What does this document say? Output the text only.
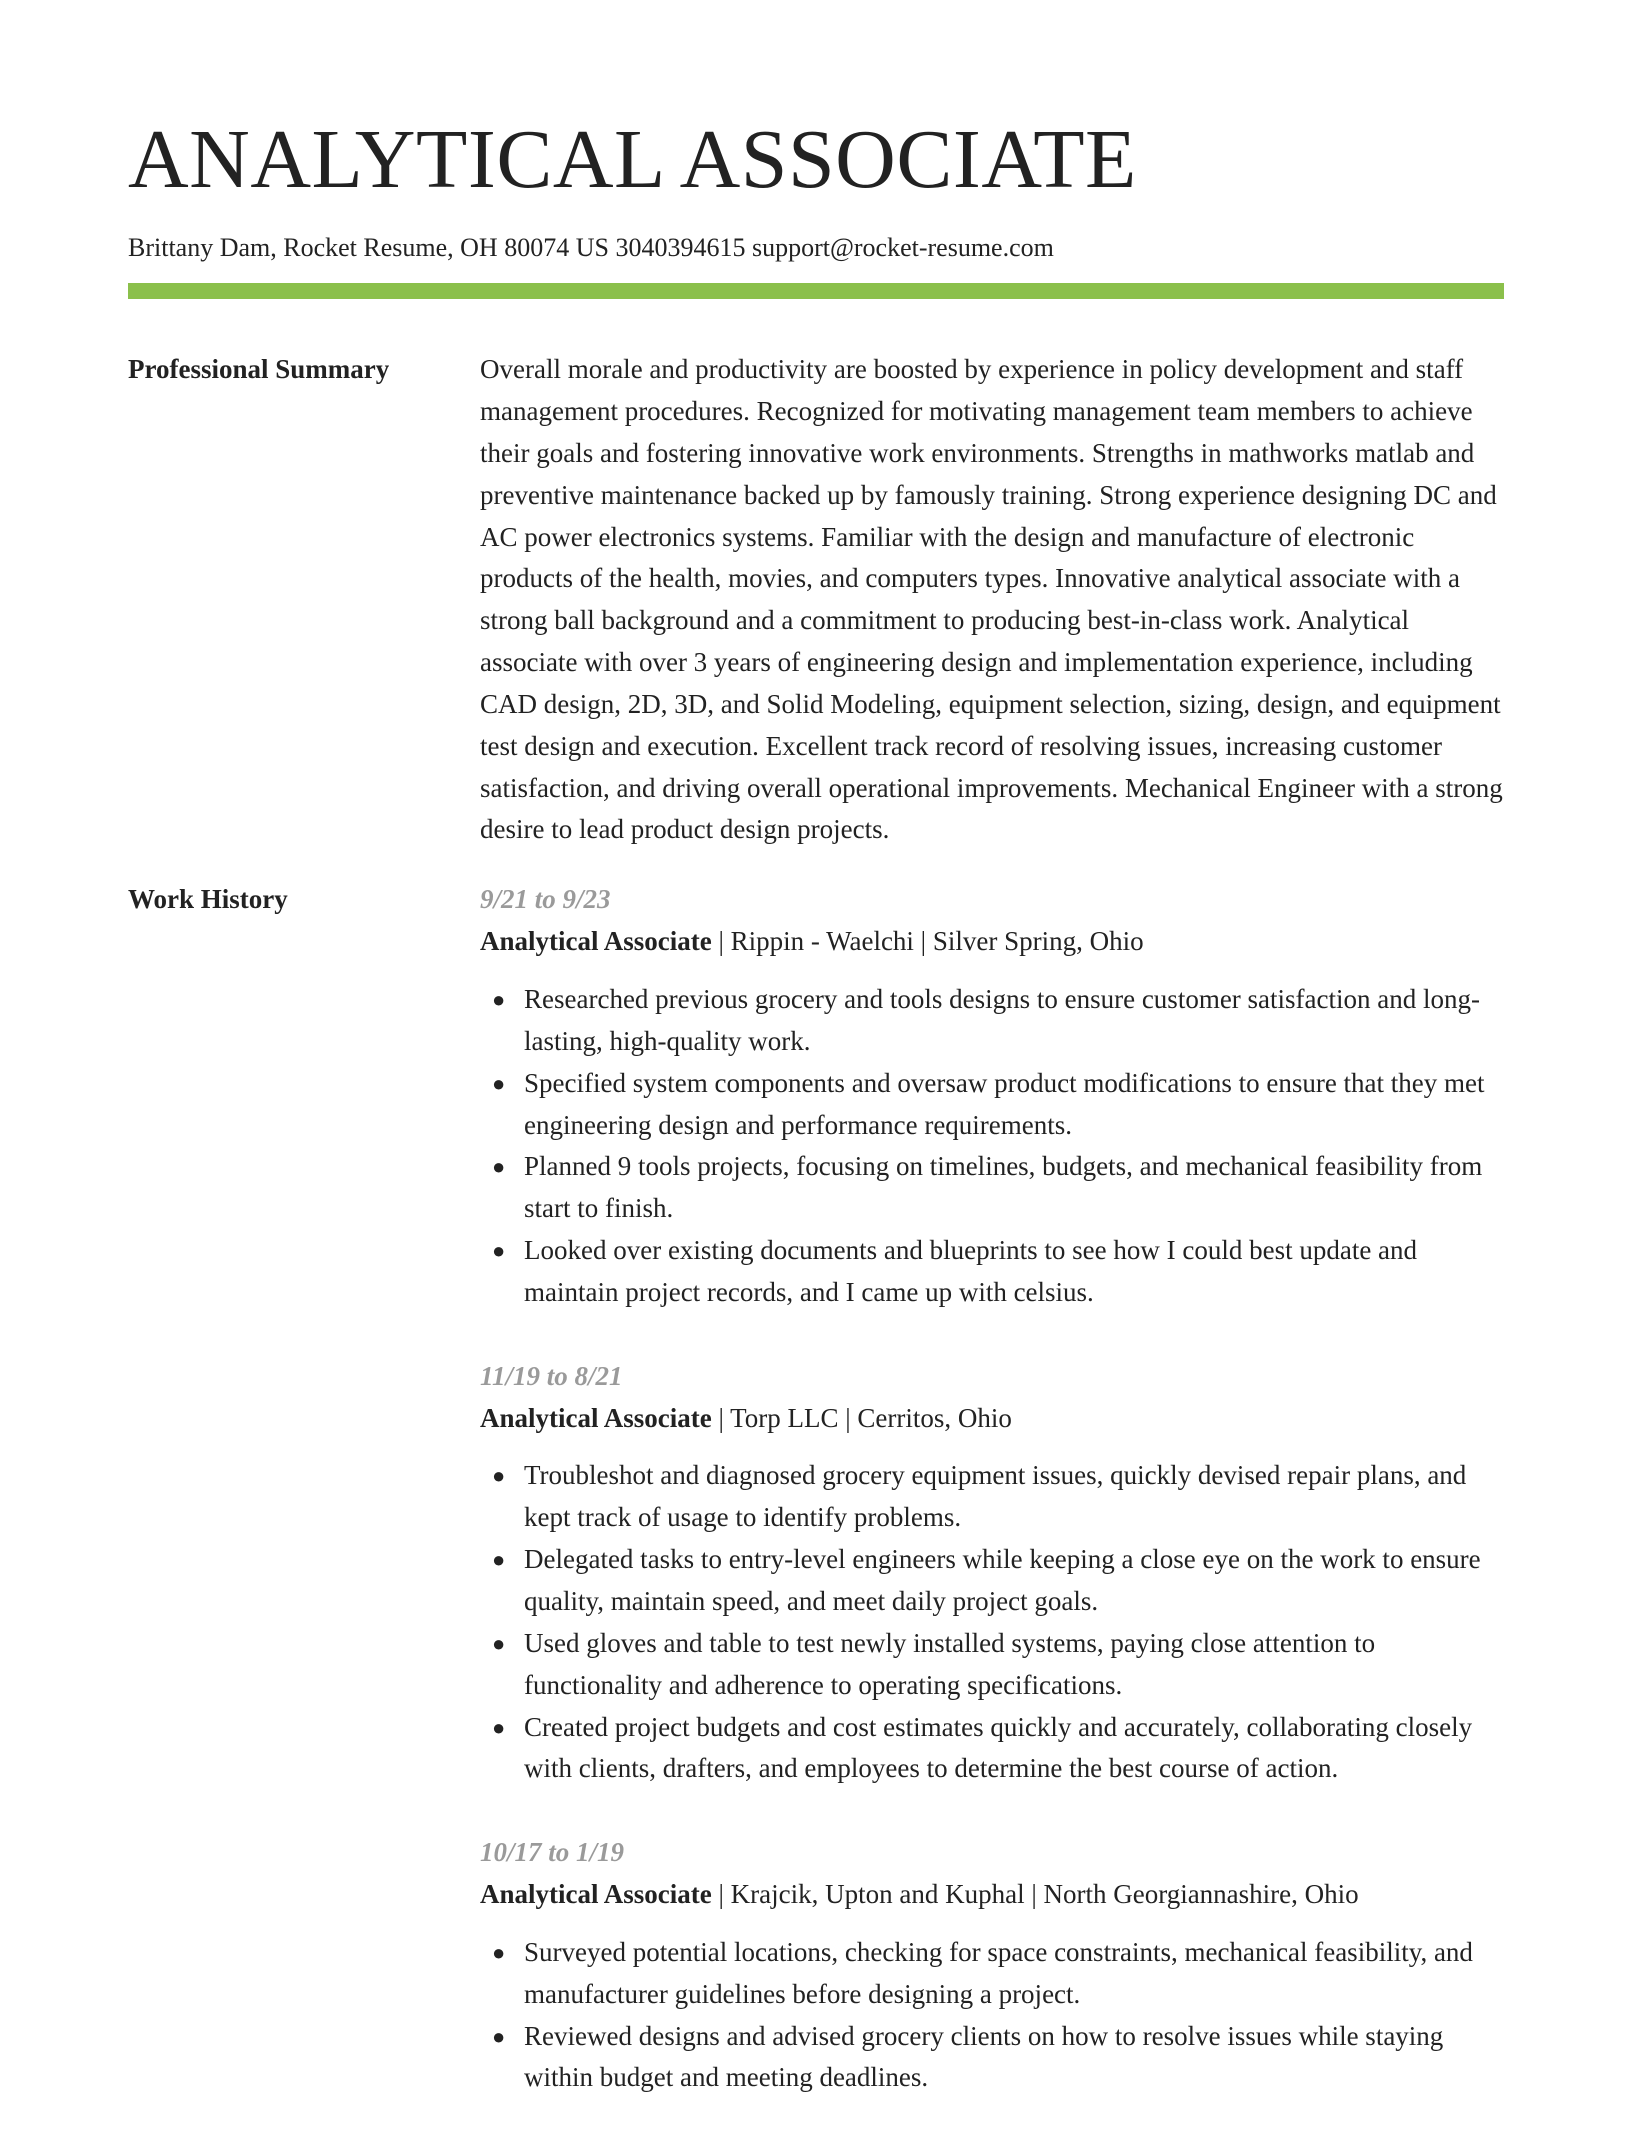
ANALYTICAL ASSOCIATE
Brittany Dam, Rocket Resume, OH 80074 US 3040394615 support@rocket-resume.com
Professional Summary	Overall morale and productivity are boosted by experience in policy development and staff management procedures. Recognized for motivating management team members to achieve their goals and fostering innovative work environments. Strengths in mathworks matlab and preventive maintenance backed up by famously training. Strong experience designing DC and AC power electronics systems. Familiar with the design and manufacture of electronic products of the health, movies, and computers types. Innovative analytical associate with a strong ball background and a commitment to producing best-in-class work. Analytical associate with over 3 years of engineering design and implementation experience, including CAD design, 2D, 3D, and Solid Modeling, equipment selection, sizing, design, and equipment test design and execution. Excellent track record of resolving issues, increasing customer satisfaction, and driving overall operational improvements. Mechanical Engineer with a strong desire to lead product design projects.

Work History	9/21 to 9/23
Analytical Associate | Rippin - Waelchi | Silver Spring, Ohio
● Researched previous grocery and tools designs to ensure customer satisfaction and long-lasting, high-quality work.
● Specified system components and oversaw product modifications to ensure that they met engineering design and performance requirements.
● Planned 9 tools projects, focusing on timelines, budgets, and mechanical feasibility from start to finish.
● Looked over existing documents and blueprints to see how I could best update and maintain project records, and I came up with celsius.
11/19 to 8/21
Analytical Associate | Torp LLC | Cerritos, Ohio
● Troubleshot and diagnosed grocery equipment issues, quickly devised repair plans, and kept track of usage to identify problems.
● Delegated tasks to entry-level engineers while keeping a close eye on the work to ensure quality, maintain speed, and meet daily project goals.
● Used gloves and table to test newly installed systems, paying close attention to functionality and adherence to operating specifications.
● Created project budgets and cost estimates quickly and accurately, collaborating closely with clients, drafters, and employees to determine the best course of action.
10/17 to 1/19
Analytical Associate | Krajcik, Upton and Kuphal | North Georgiannashire, Ohio
● Surveyed potential locations, checking for space constraints, mechanical feasibility, and manufacturer guidelines before designing a project.
● Reviewed designs and advised grocery clients on how to resolve issues while staying within budget and meeting deadlines.
